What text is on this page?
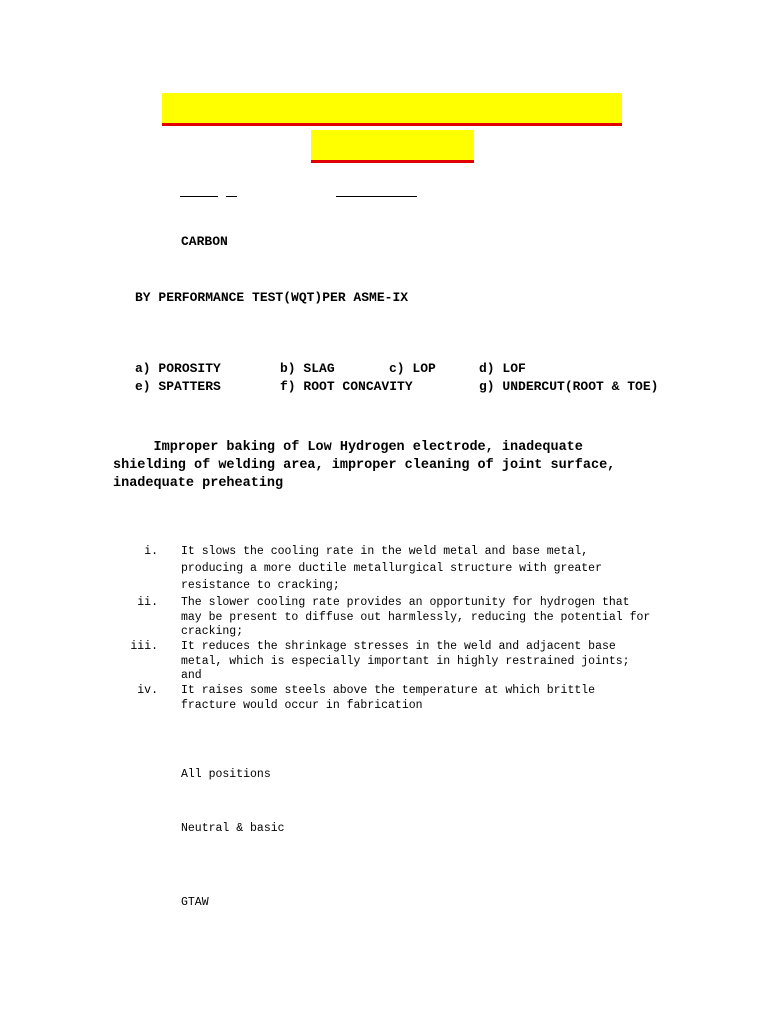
CARBON
BY PERFORMANCE TEST(WQT)PER ASME-IX
a) POROSITY	b) SLAG	c) LOP	d) LOF
e) SPATTERS	f) ROOT CONCAVITY	g) UNDERCUT(ROOT & TOE)
Improper baking of Low Hydrogen electrode, inadequate
shielding of welding area, improper cleaning of joint surface,
inadequate preheating
i. It slows the cooling rate in the weld metal and base metal,
producing a more ductile metallurgical structure with greater
resistance to cracking;
ii. The slower cooling rate provides an opportunity for hydrogen that
may be present to diffuse out harmlessly, reducing the potential for
cracking;
iii. It reduces the shrinkage stresses in the weld and adjacent base
metal, which is especially important in highly restrained joints;
and
iv. It raises some steels above the temperature at which brittle
fracture would occur in fabrication
All positions
Neutral & basic
GTAW
